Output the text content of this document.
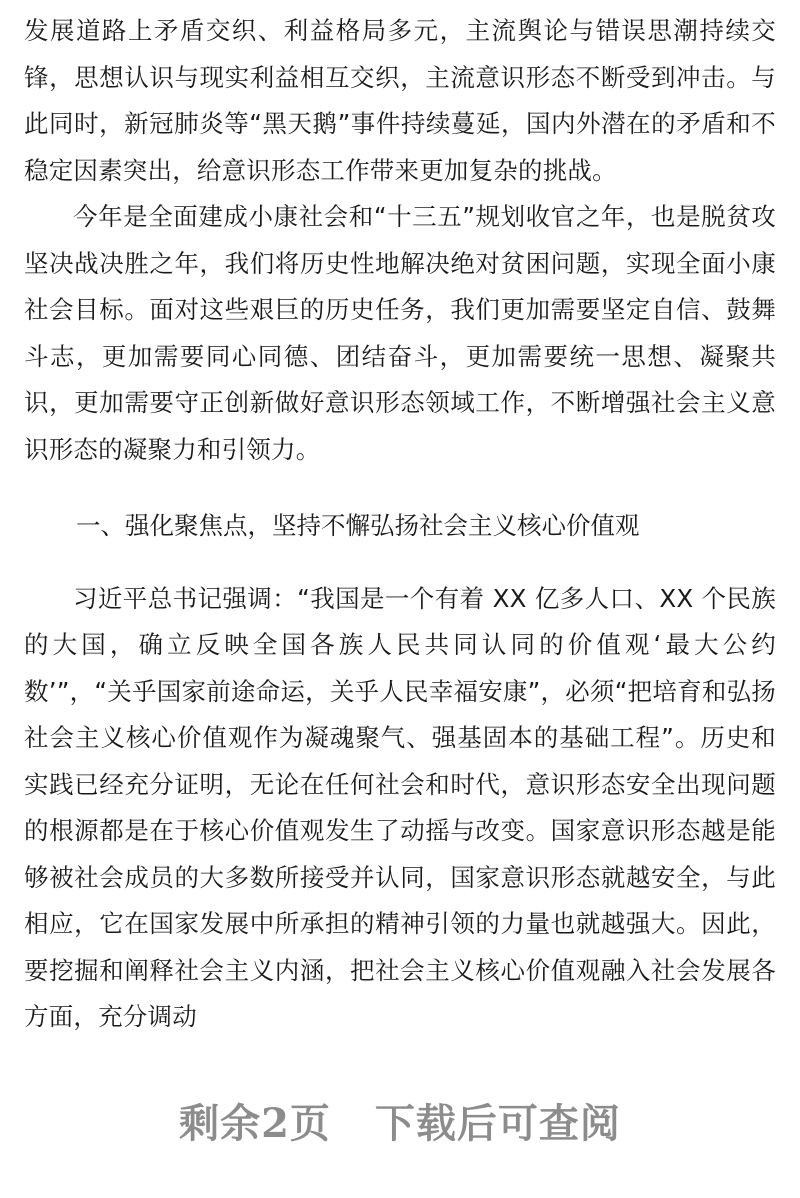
发展道路上矛盾交织、利益格局多元，主流舆论与错误思潮持续交锋，思想认识与现实利益相互交织，主流意识形态不断受到冲击。与此同时，新冠肺炎等“黑天鹅”事件持续蔓延，国内外潜在的矛盾和不稳定因素突出，给意识形态工作带来更加复杂的挑战。

今年是全面建成小康社会和“十三五”规划收官之年，也是脱贫攻坚决战决胜之年，我们将历史性地解决绝对贫困问题，实现全面小康社会目标。面对这些艰巨的历史任务，我们更加需要坚定自信、鼓舞斗志，更加需要同心同德、团结奋斗，更加需要统一思想、凝聚共识，更加需要守正创新做好意识形态领域工作，不断增强社会主义意识形态的凝聚力和引领力。

一、强化聚焦点，坚持不懈弘扬社会主义核心价值观

习近平总书记强调：“我国是一个有着 XX 亿多人口、XX 个民族的大国，确立反映全国各族人民共同认同的价值观‘最大公约数’”，“关乎国家前途命运，关乎人民幸福安康”，必须“把培育和弘扬社会主义核心价值观作为凝魂聚气、强基固本的基础工程”。历史和实践已经充分证明，无论在任何社会和时代，意识形态安全出现问题的根源都是在于核心价值观发生了动摇与改变。国家意识形态越是能够被社会成员的大多数所接受并认同，国家意识形态就越安全，与此相应，它在国家发展中所承担的精神引领的力量也就越强大。因此，要挖掘和阐释社会主义内涵，把社会主义核心价值观融入社会发展各方面，充分调动

剩余2页 下载后可查阅
